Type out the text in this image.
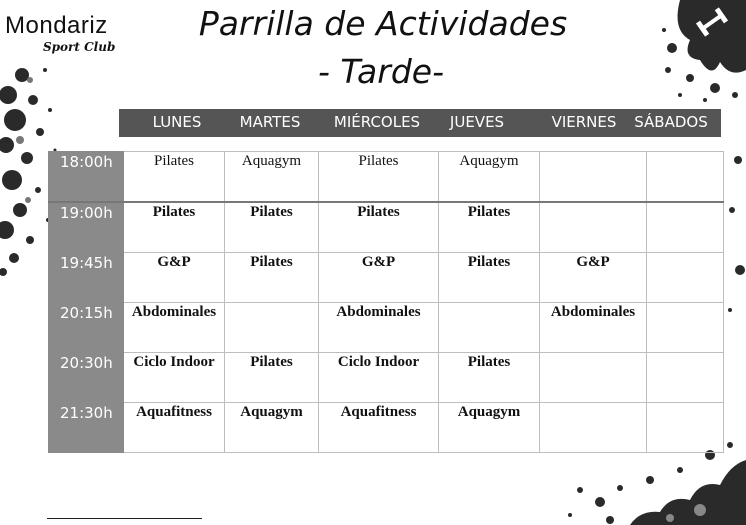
Mondariz
Sport Club
Parrilla de Actividades
- Tarde-
LUNES	MARTES	MIÉRCOLES	JUEVES	VIERNES	SÁBADOS
18:00h	Pilates	Aquagym	Pilates	Aquagym		
19:00h	Pilates	Pilates	Pilates	Pilates		
19:45h	G&P	Pilates	G&P	Pilates	G&P	
20:15h	Abdominales		Abdominales		Abdominales	
20:30h	Ciclo Indoor	Pilates	Ciclo Indoor	Pilates		
21:30h	Aquafitness	Aquagym	Aquafitness	Aquagym		
